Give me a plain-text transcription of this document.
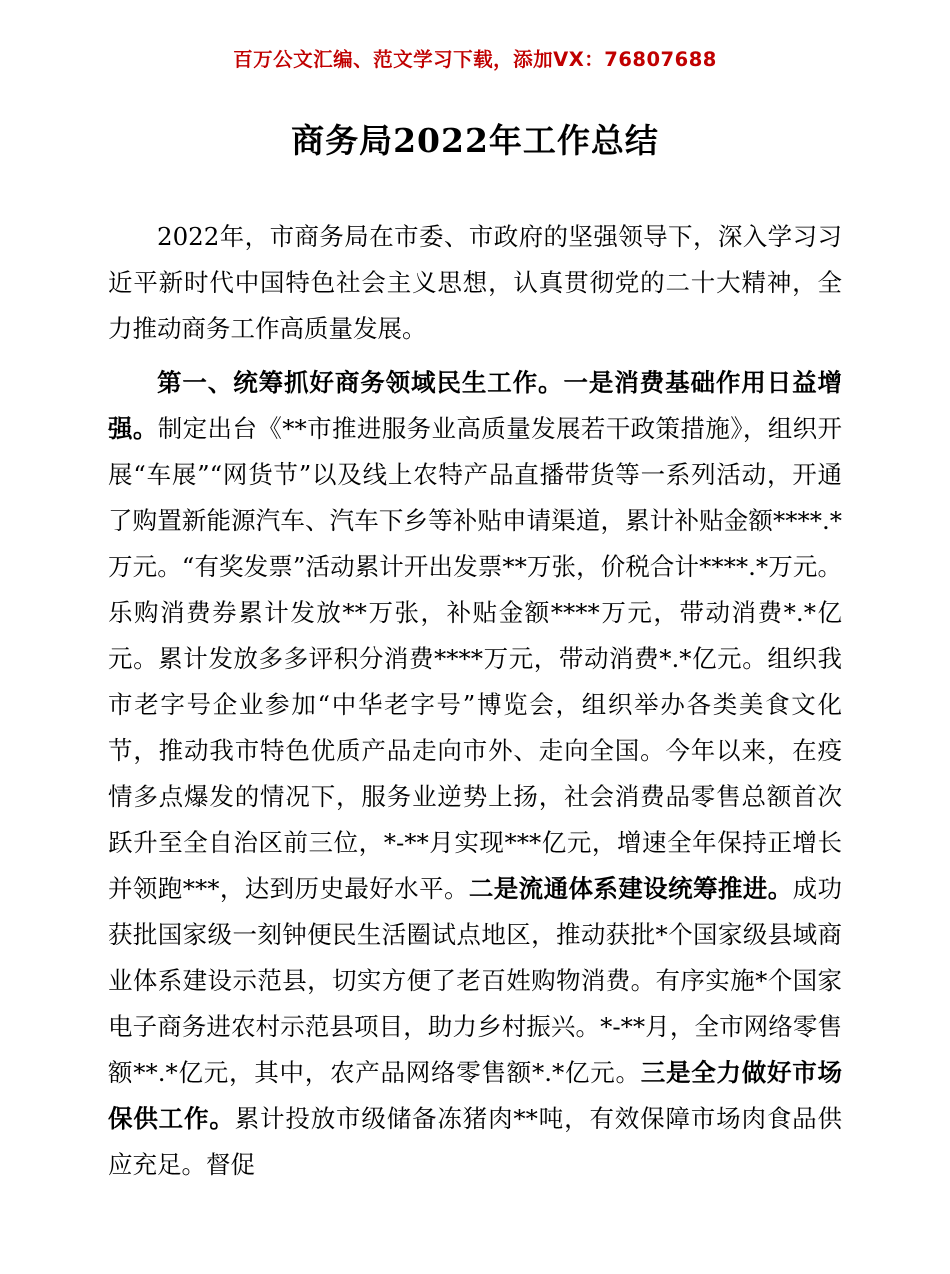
百万公文汇编、范文学习下载，添加VX：76807688
商务局2022年工作总结

2022年，市商务局在市委、市政府的坚强领导下，深入学习习近平新时代中国特色社会主义思想，认真贯彻党的二十大精神，全力推动商务工作高质量发展。

第一、统筹抓好商务领域民生工作。一是消费基础作用日益增强。制定出台《**市推进服务业高质量发展若干政策措施》，组织开展“车展”“网货节”以及线上农特产品直播带货等一系列活动，开通了购置新能源汽车、汽车下乡等补贴申请渠道，累计补贴金额****.*万元。“有奖发票”活动累计开出发票**万张，价税合计****.*万元。乐购消费券累计发放**万张，补贴金额****万元，带动消费*.*亿元。累计发放多多评积分消费****万元，带动消费*.*亿元。组织我市老字号企业参加“中华老字号”博览会，组织举办各类美食文化节，推动我市特色优质产品走向市外、走向全国。今年以来，在疫情多点爆发的情况下，服务业逆势上扬，社会消费品零售总额首次跃升至全自治区前三位，*-**月实现***亿元，增速全年保持正增长并领跑***，达到历史最好水平。二是流通体系建设统筹推进。成功获批国家级一刻钟便民生活圈试点地区，推动获批*个国家级县域商业体系建设示范县，切实方便了老百姓购物消费。有序实施*个国家电子商务进农村示范县项目，助力乡村振兴。*-**月，全市网络零售额**.*亿元，其中，农产品网络零售额*.*亿元。三是全力做好市场保供工作。累计投放市级储备冻猪肉**吨，有效保障市场肉食品供应充足。督促
